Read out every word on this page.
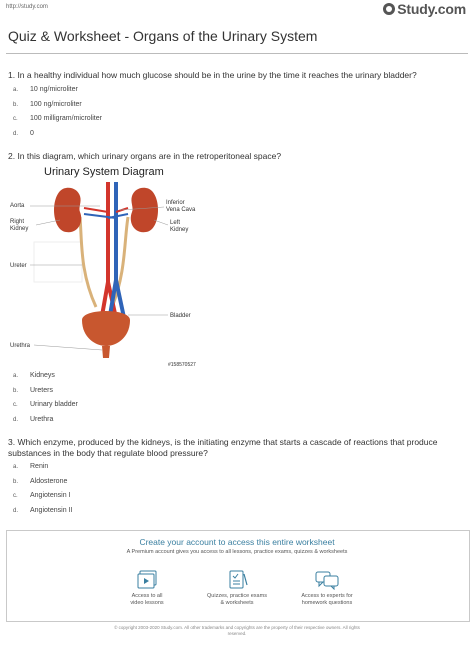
http://study.com	Study.com
Quiz & Worksheet - Organs of the Urinary System
1. In a healthy individual how much glucose should be in the urine by the time it reaches the urinary bladder?
a.	10 ng/microliter
b.	100 ng/microliter
c.	100 milligram/microliter
d.	0
2. In this diagram, which urinary organs are in the retroperitoneal space?
Urinary System Diagram
Aorta
Right
Kidney
Inferior
Vena Cava
Left
Kidney
Ureter
Bladder
Urethra
#158570527
a.	Kidneys
b.	Ureters
c.	Urinary bladder
d.	Urethra
3. Which enzyme, produced by the kidneys, is the initiating enzyme that starts a cascade of reactions that produce substances in the body that regulate blood pressure?
a.	Renin
b.	Aldosterone
c.	Angiotensin I
d.	Angiotensin II
Create your account to access this entire worksheet
A Premium account gives you access to all lessons, practice exams, quizzes & worksheets
Access to all
video lessons
Quizzes, practice exams
& worksheets
Access to experts for
homework questions
© copyright 2003-2020 Study.com. All other trademarks and copyrights are the property of their respective owners. All rights
reserved.
